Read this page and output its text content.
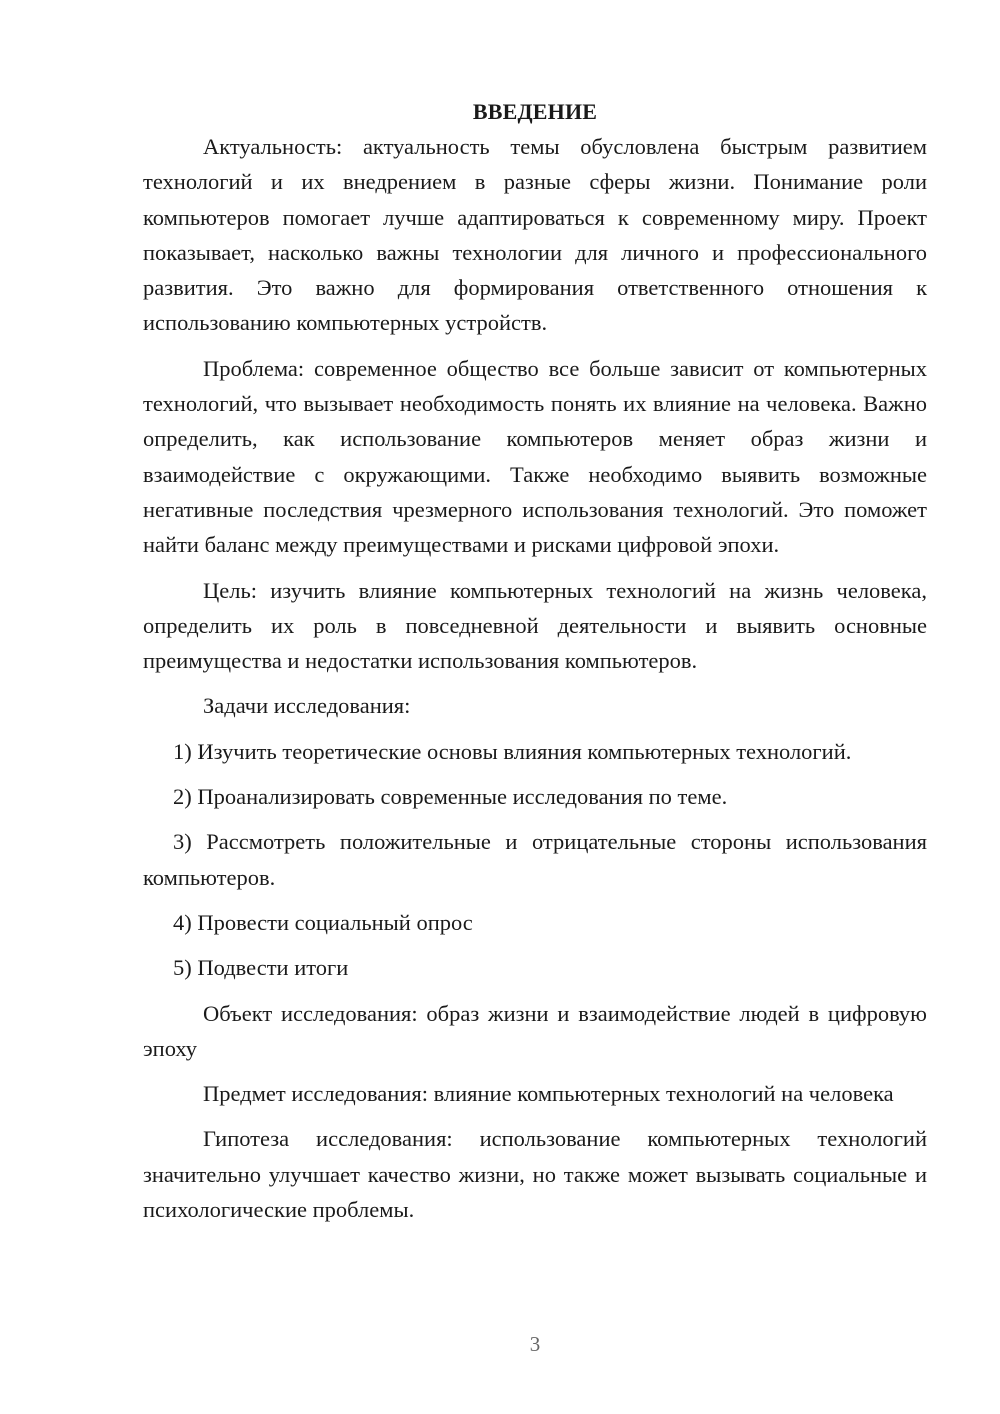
ВВЕДЕНИЕ

Актуальность: актуальность темы обусловлена быстрым развитием технологий и их внедрением в разные сферы жизни. Понимание роли компьютеров помогает лучше адаптироваться к современному миру. Проект показывает, насколько важны технологии для личного и профессионального развития. Это важно для формирования ответственного отношения к использованию компьютерных устройств.

Проблема: современное общество все больше зависит от компьютерных технологий, что вызывает необходимость понять их влияние на человека. Важно определить, как использование компьютеров меняет образ жизни и взаимодействие с окружающими. Также необходимо выявить возможные негативные последствия чрезмерного использования технологий. Это поможет найти баланс между преимуществами и рисками цифровой эпохи.

Цель: изучить влияние компьютерных технологий на жизнь человека, определить их роль в повседневной деятельности и выявить основные преимущества и недостатки использования компьютеров.

Задачи исследования:

1) Изучить теоретические основы влияния компьютерных технологий.

2) Проанализировать современные исследования по теме.

3) Рассмотреть положительные и отрицательные стороны использования компьютеров.

4) Провести социальный опрос

5) Подвести итоги

Объект исследования: образ жизни и взаимодействие людей в цифровую эпоху

Предмет исследования: влияние компьютерных технологий на человека

Гипотеза исследования: использование компьютерных технологий значительно улучшает качество жизни, но также может вызывать социальные и психологические проблемы.

3
